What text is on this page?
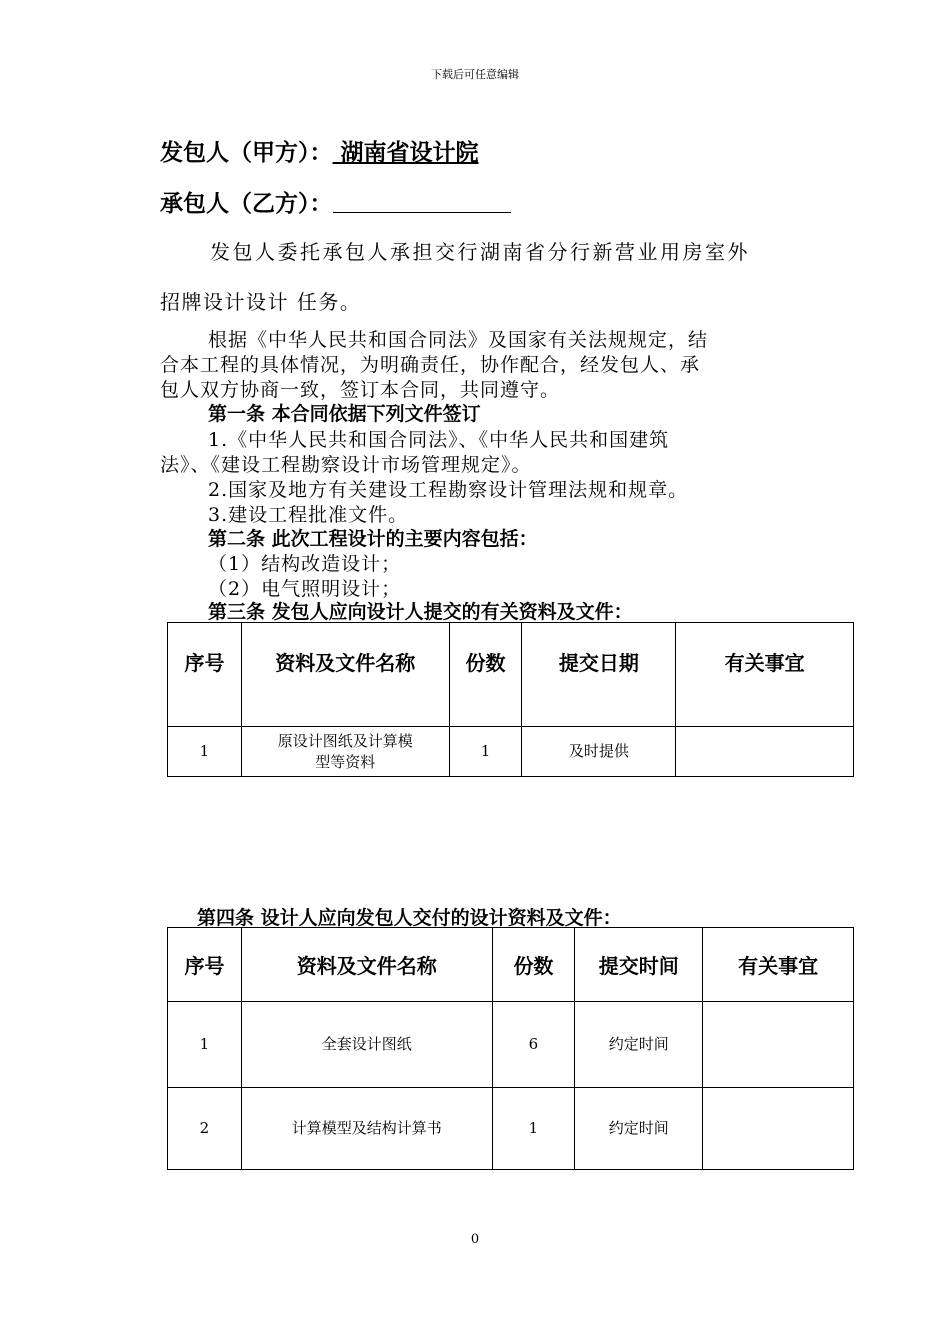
下载后可任意编辑
发包人（甲方）： 湖南省设计院
承包人（乙方）：
发包人委托承包人承担交行湖南省分行新营业用房室外
招牌设计设计 任务。
根据《中华人民共和国合同法》及国家有关法规规定，结
合本工程的具体情况，为明确责任，协作配合，经发包人、承
包人双方协商一致，签订本合同，共同遵守。
第一条 本合同依据下列文件签订
1.《中华人民共和国合同法》、《中华人民共和国建筑
法》、《建设工程勘察设计市场管理规定》。
2.国家及地方有关建设工程勘察设计管理法规和规章。
3.建设工程批准文件。
第二条 此次工程设计的主要内容包括：
（1）结构改造设计；
（2）电气照明设计；
第三条 发包人应向设计人提交的有关资料及文件：
序号	资料及文件名称	份数	提交日期	有关事宜
1	原设计图纸及计算模
型等资料	1	及时提供	
第四条 设计人应向发包人交付的设计资料及文件：
序号	资料及文件名称	份数	提交时间	有关事宜
1	全套设计图纸	6	约定时间	
2	计算模型及结构计算书	1	约定时间	
0
